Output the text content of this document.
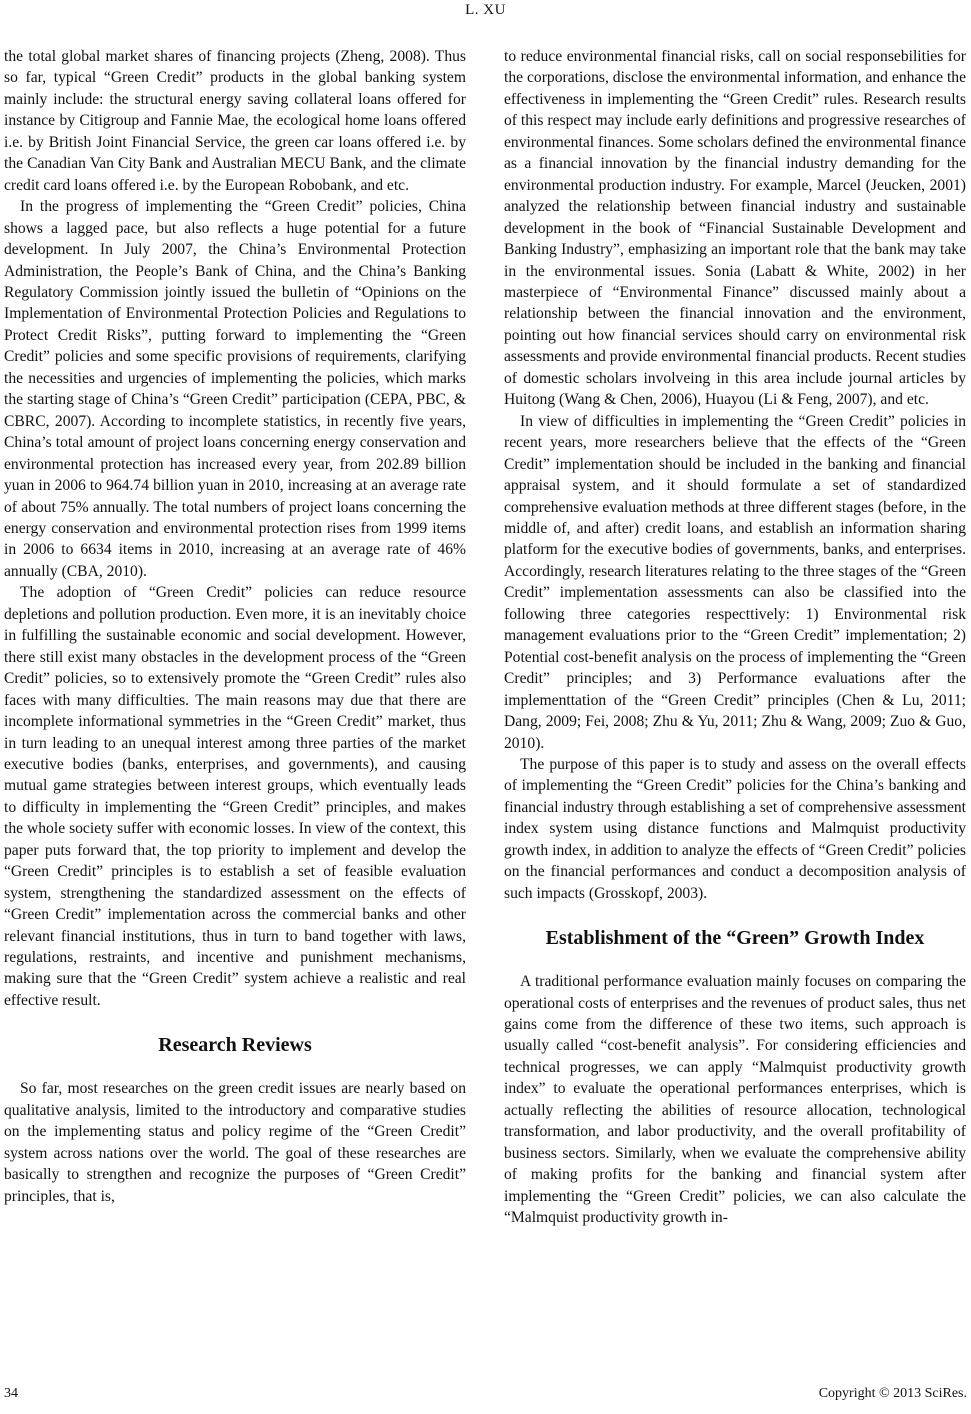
L. XU

the total global market shares of financing projects (Zheng, 2008). Thus so far, typical “Green Credit” products in the global banking system mainly include: the structural energy saving collateral loans offered for instance by Citigroup and Fannie Mae, the ecological home loans offered i.e. by British Joint Financial Service, the green car loans offered i.e. by the Canadian Van City Bank and Australian MECU Bank, and the climate credit card loans offered i.e. by the European Robobank, and etc.

In the progress of implementing the “Green Credit” policies, China shows a lagged pace, but also reflects a huge potential for a future development. In July 2007, the China’s Environmental Protection Administration, the People’s Bank of China, and the China’s Banking Regulatory Commission jointly issued the bulletin of “Opinions on the Implementation of Environmental Protection Policies and Regulations to Protect Credit Risks”, putting forward to implementing the “Green Credit” policies and some specific provisions of requirements, clarifying the necessities and urgencies of implementing the policies, which marks the starting stage of China’s “Green Credit” participation (CEPA, PBC, & CBRC, 2007). According to incomplete statistics, in recently five years, China’s total amount of project loans concerning energy conservation and environmental protection has increased every year, from 202.89 billion yuan in 2006 to 964.74 billion yuan in 2010, increasing at an average rate of about 75% annually. The total numbers of project loans concerning the energy conservation and environmental protection rises from 1999 items in 2006 to 6634 items in 2010, increasing at an average rate of 46% annually (CBA, 2010).

The adoption of “Green Credit” policies can reduce resource depletions and pollution production. Even more, it is an inevitably choice in fulfilling the sustainable economic and social development. However, there still exist many obstacles in the development process of the “Green Credit” policies, so to extensively promote the “Green Credit” rules also faces with many difficulties. The main reasons may due that there are incomplete informational symmetries in the “Green Credit” market, thus in turn leading to an unequal interest among three parties of the market executive bodies (banks, enterprises, and governments), and causing mutual game strategies between interest groups, which eventually leads to difficulty in implementing the “Green Credit” principles, and makes the whole society suffer with economic losses. In view of the context, this paper puts forward that, the top priority to implement and develop the “Green Credit” principles is to establish a set of feasible evaluation system, strengthening the standardized assessment on the effects of “Green Credit” implementation across the commercial banks and other relevant financial institutions, thus in turn to band together with laws, regulations, restraints, and incentive and punishment mechanisms, making sure that the “Green Credit” system achieve a realistic and real effective result.

Research Reviews

So far, most researches on the green credit issues are nearly based on qualitative analysis, limited to the introductory and comparative studies on the implementing status and policy regime of the “Green Credit” system across nations over the world. The goal of these researches are basically to strengthen and recognize the purposes of “Green Credit” principles, that is,

to reduce environmental financial risks, call on social responsebilities for the corporations, disclose the environmental information, and enhance the effectiveness in implementing the “Green Credit” rules. Research results of this respect may include early definitions and progressive researches of environmental finances. Some scholars defined the environmental finance as a financial innovation by the financial industry demanding for the environmental production industry. For example, Marcel (Jeucken, 2001) analyzed the relationship between financial industry and sustainable development in the book of “Financial Sustainable Development and Banking Industry”, emphasizing an important role that the bank may take in the environmental issues. Sonia (Labatt & White, 2002) in her masterpiece of “Environmental Finance” discussed mainly about a relationship between the financial innovation and the environment, pointing out how financial services should carry on environmental risk assessments and provide environmental financial products. Recent studies of domestic scholars involveing in this area include journal articles by Huitong (Wang & Chen, 2006), Huayou (Li & Feng, 2007), and etc.

In view of difficulties in implementing the “Green Credit” policies in recent years, more researchers believe that the effects of the “Green Credit” implementation should be included in the banking and financial appraisal system, and it should formulate a set of standardized comprehensive evaluation methods at three different stages (before, in the middle of, and after) credit loans, and establish an information sharing platform for the executive bodies of governments, banks, and enterprises. Accordingly, research literatures relating to the three stages of the “Green Credit” implementation assessments can also be classified into the following three categories respecttively: 1) Environmental risk management evaluations prior to the “Green Credit” implementation; 2) Potential cost-benefit analysis on the process of implementing the “Green Credit” principles; and 3) Performance evaluations after the implementtation of the “Green Credit” principles (Chen & Lu, 2011; Dang, 2009; Fei, 2008; Zhu & Yu, 2011; Zhu & Wang, 2009; Zuo & Guo, 2010).

The purpose of this paper is to study and assess on the overall effects of implementing the “Green Credit” policies for the China’s banking and financial industry through establishing a set of comprehensive assessment index system using distance functions and Malmquist productivity growth index, in addition to analyze the effects of “Green Credit” policies on the financial performances and conduct a decomposition analysis of such impacts (Grosskopf, 2003).

Establishment of the “Green” Growth Index

A traditional performance evaluation mainly focuses on comparing the operational costs of enterprises and the revenues of product sales, thus net gains come from the difference of these two items, such approach is usually called “cost-benefit analysis”. For considering efficiencies and technical progresses, we can apply “Malmquist productivity growth index” to evaluate the operational performances enterprises, which is actually reflecting the abilities of resource allocation, technological transformation, and labor productivity, and the overall profitability of business sectors. Similarly, when we evaluate the comprehensive ability of making profits for the banking and financial system after implementing the “Green Credit” policies, we can also calculate the “Malmquist productivity growth in-

34	Copyright © 2013 SciRes.
